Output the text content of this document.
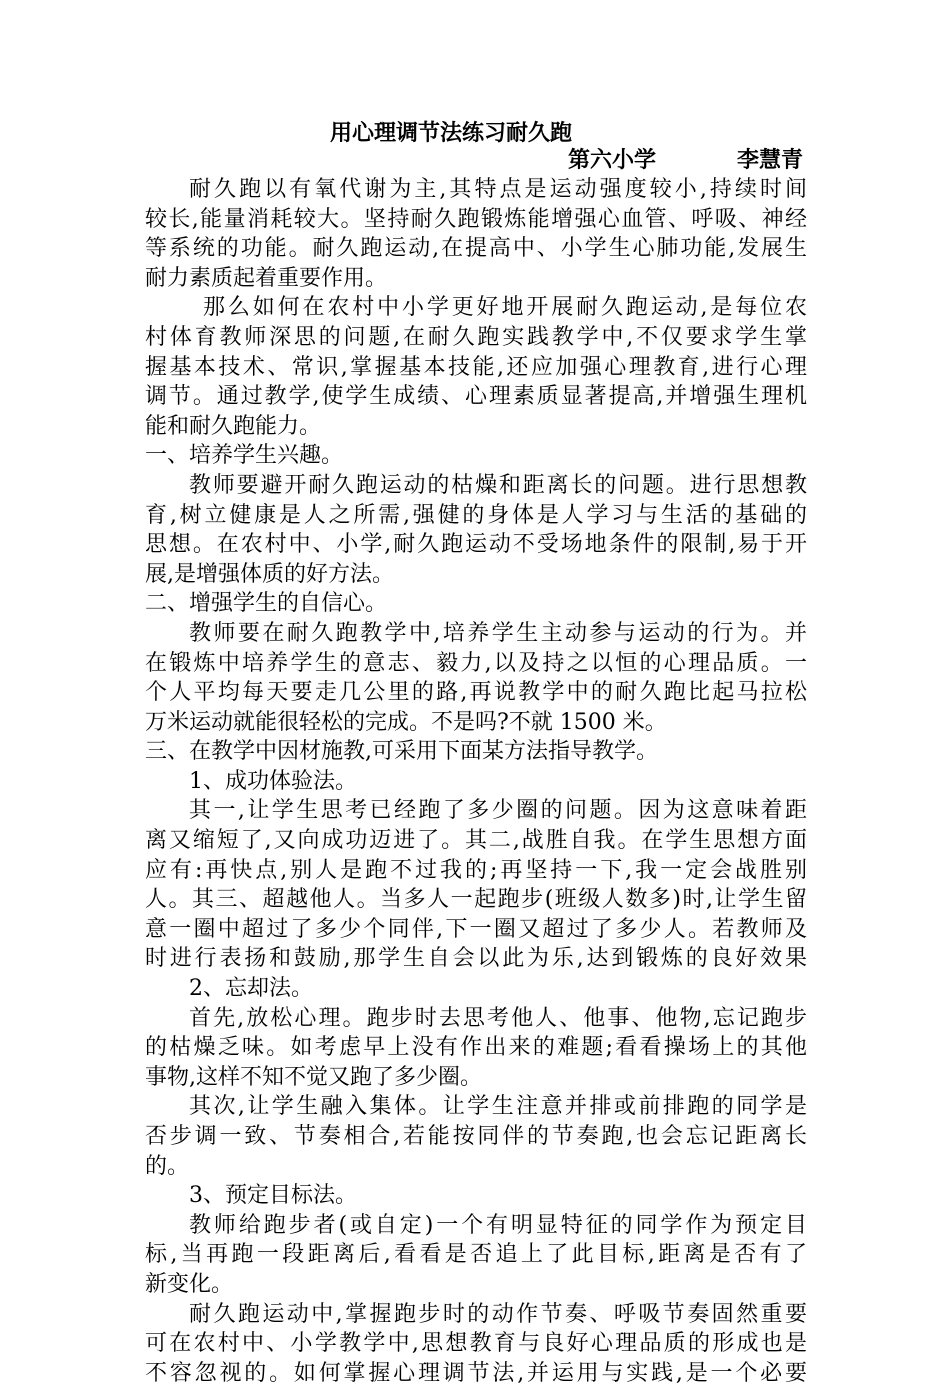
用心理调节法练习耐久跑
第六小学	李慧青
耐久跑以有氧代谢为主,其特点是运动强度较小,持续时间
较长,能量消耗较大。坚持耐久跑锻炼能增强心血管、呼吸、神经
等系统的功能。耐久跑运动,在提高中、小学生心肺功能,发展生
耐力素质起着重要作用。
那么如何在农村中小学更好地开展耐久跑运动,是每位农
村体育教师深思的问题,在耐久跑实践教学中,不仅要求学生掌
握基本技术、常识,掌握基本技能,还应加强心理教育,进行心理
调节。通过教学,使学生成绩、心理素质显著提高,并增强生理机
能和耐久跑能力。
一、培养学生兴趣。
教师要避开耐久跑运动的枯燥和距离长的问题。进行思想教
育,树立健康是人之所需,强健的身体是人学习与生活的基础的
思想。在农村中、小学,耐久跑运动不受场地条件的限制,易于开
展,是增强体质的好方法。
二、增强学生的自信心。
教师要在耐久跑教学中,培养学生主动参与运动的行为。并
在锻炼中培养学生的意志、毅力,以及持之以恒的心理品质。一
个人平均每天要走几公里的路,再说教学中的耐久跑比起马拉松
万米运动就能很轻松的完成。不是吗?不就 1500 米。
三、在教学中因材施教,可采用下面某方法指导教学。
1、成功体验法。
其一,让学生思考已经跑了多少圈的问题。因为这意味着距
离又缩短了,又向成功迈进了。其二,战胜自我。在学生思想方面
应有:再快点,别人是跑不过我的;再坚持一下,我一定会战胜别
人。其三、超越他人。当多人一起跑步(班级人数多)时,让学生留
意一圈中超过了多少个同伴,下一圈又超过了多少人。若教师及
时进行表扬和鼓励,那学生自会以此为乐,达到锻炼的良好效果
2、忘却法。
首先,放松心理。跑步时去思考他人、他事、他物,忘记跑步
的枯燥乏味。如考虑早上没有作出来的难题;看看操场上的其他
事物,这样不知不觉又跑了多少圈。
其次,让学生融入集体。让学生注意并排或前排跑的同学是
否步调一致、节奏相合,若能按同伴的节奏跑,也会忘记距离长
的。
3、预定目标法。
教师给跑步者(或自定)一个有明显特征的同学作为预定目
标,当再跑一段距离后,看看是否追上了此目标,距离是否有了
新变化。
耐久跑运动中,掌握跑步时的动作节奏、呼吸节奏固然重要
可在农村中、小学教学中,思想教育与良好心理品质的形成也是
不容忽视的。如何掌握心理调节法,并运用与实践,是一个必要
